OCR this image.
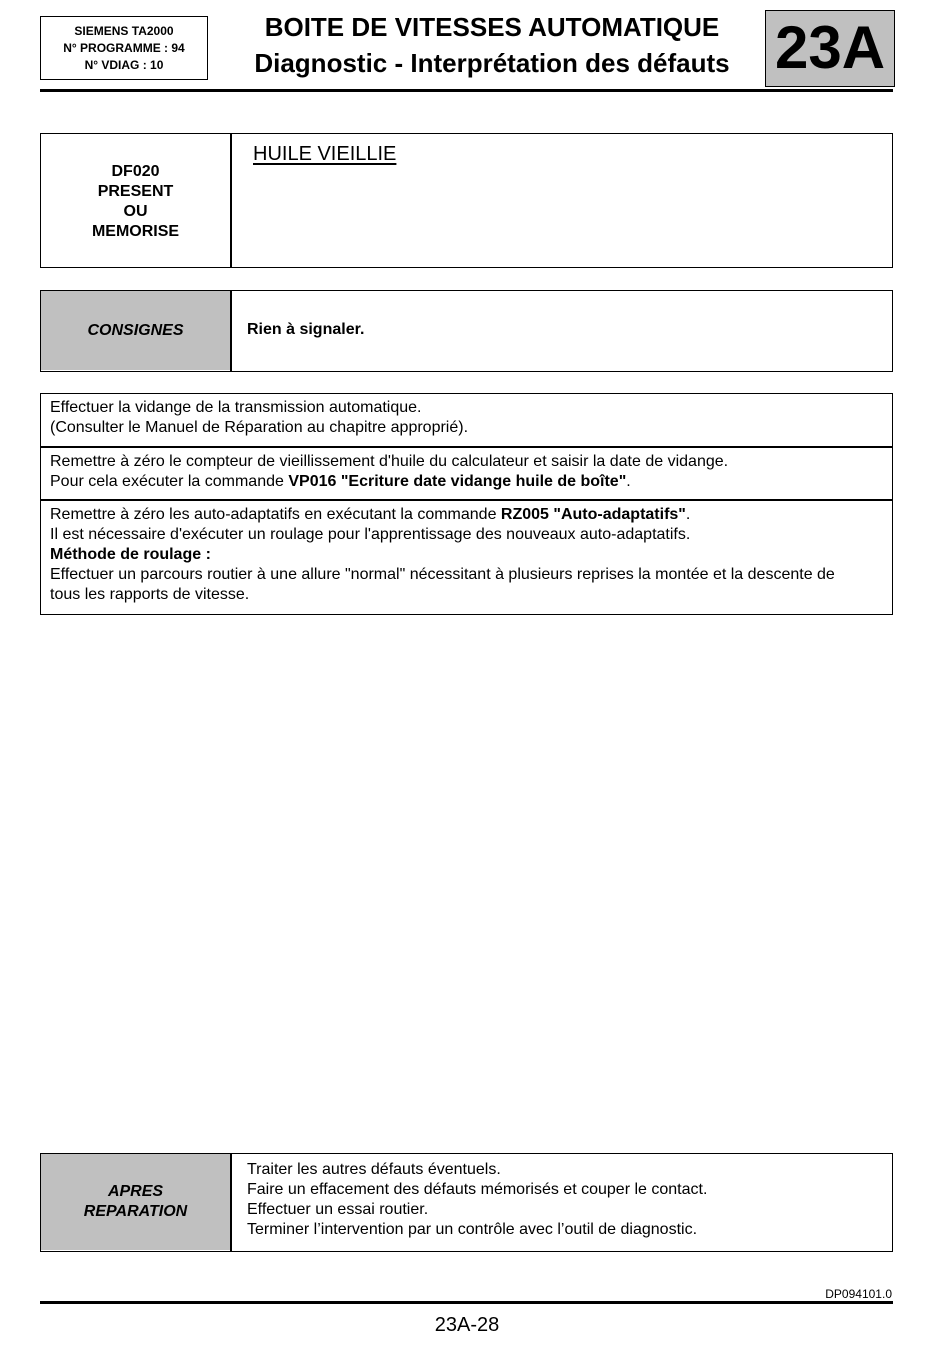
SIEMENS TA2000
N° PROGRAMME : 94
N° VDIAG : 10
BOITE DE VITESSES AUTOMATIQUE
Diagnostic - Interprétation des défauts 23A
DF020
PRESENT
OU
MEMORISE
HUILE VIEILLIE
CONSIGNES	Rien à signaler.
Effectuer la vidange de la transmission automatique.
(Consulter le Manuel de Réparation au chapitre approprié).
Remettre à zéro le compteur de vieillissement d'huile du calculateur et saisir la date de vidange.
Pour cela exécuter la commande VP016 "Ecriture date vidange huile de boîte".
Remettre à zéro les auto-adaptatifs en exécutant la commande RZ005 "Auto-adaptatifs".
Il est nécessaire d'exécuter un roulage pour l'apprentissage des nouveaux auto-adaptatifs.
Méthode de roulage :
Effectuer un parcours routier à une allure "normal" nécessitant à plusieurs reprises la montée et la descente de
tous les rapports de vitesse.
APRES
REPARATION
Traiter les autres défauts éventuels.
Faire un effacement des défauts mémorisés et couper le contact.
Effectuer un essai routier.
Terminer l’intervention par un contrôle avec l’outil de diagnostic.
DP094101.0
23A-28
